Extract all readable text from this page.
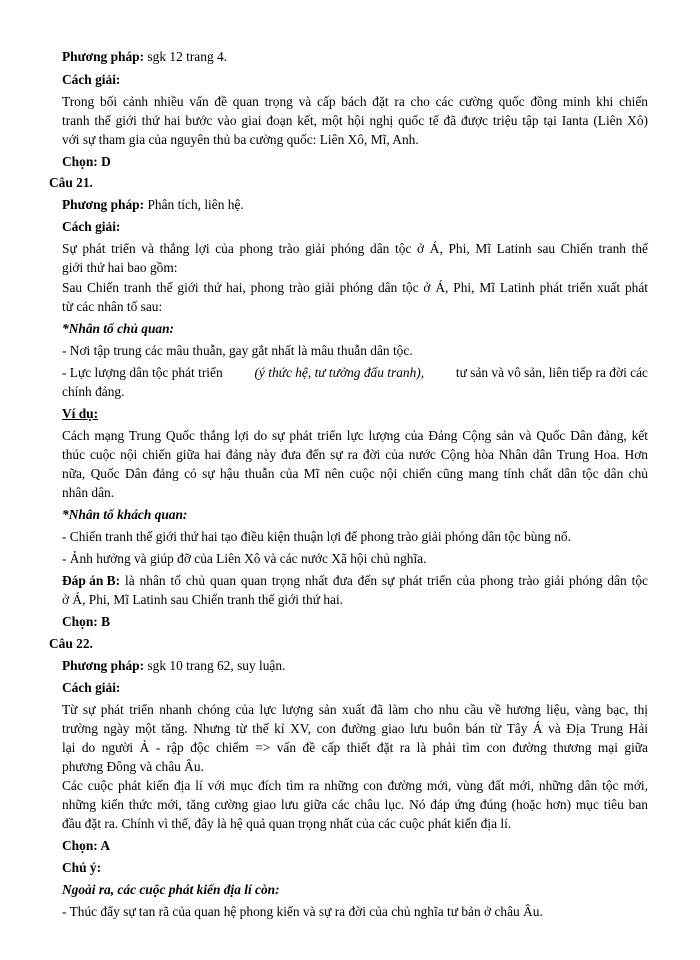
Phương pháp: sgk 12 trang 4.
Cách giải:
Trong bối cảnh nhiều vấn đề quan trọng và cấp bách đặt ra cho các cường quốc đồng minh khi chiến
tranh thế giới thứ hai bước vào giai đoạn kết, một hội nghị quốc tế đã được triệu tập tại Ianta (Liên Xô)
với sự tham gia của nguyên thủ ba cường quốc: Liên Xô, Mĩ, Anh.
Chọn: D
Câu 21.
Phương pháp: Phân tích, liên hệ.
Cách giải:
Sự phát triển và thắng lợi của phong trào giải phóng dân tộc ở Á, Phi, Mĩ Latinh sau Chiến tranh thế
giới thứ hai bao gồm:
Sau Chiến tranh thế giới thứ hai, phong trào giải phóng dân tộc ở Á, Phi, Mĩ Latinh phát triển xuất phát
từ các nhân tố sau:
*Nhân tố chủ quan:
- Nơi tập trung các mâu thuẫn, gay gắt nhất là mâu thuẫn dân tộc.
- Lực lượng dân tộc phát triển (ý thức hệ, tư tưởng đấu tranh), tư sản và vô sản, liên tiếp ra đời các
chính đảng.
Ví dụ:
Cách mạng Trung Quốc thắng lợi do sự phát triển lực lượng của Đảng Cộng sản và Quốc Dân đảng, kết
thúc cuộc nội chiến giữa hai đảng này đưa đến sự ra đời của nước Cộng hòa Nhân dân Trung Hoa. Hơn
nữa, Quốc Dân đảng có sự hậu thuẫn của Mĩ nên cuộc nội chiến cũng mang tính chất dân tộc dân chủ
nhân dân.
*Nhân tố khách quan:
- Chiến tranh thế giới thứ hai tạo điều kiện thuận lợi để phong trào giải phóng dân tộc bùng nổ.
- Ảnh hưởng và giúp đỡ của Liên Xô và các nước Xã hội chủ nghĩa.
Đáp án B: là nhân tố chủ quan quan trọng nhất đưa đến sự phát triển của phong trào giải phóng dân tộc
ở Á, Phi, Mĩ Latinh sau Chiến tranh thế giới thứ hai.
Chọn: B
Câu 22.
Phương pháp: sgk 10 trang 62, suy luận.
Cách giải:
Từ sự phát triển nhanh chóng của lực lượng sản xuất đã làm cho nhu cầu về hương liệu, vàng bạc, thị
trường ngày một tăng. Nhưng từ thế kỉ XV, con đường giao lưu buôn bán từ Tây Á và Địa Trung Hải
lại do người Ả - rập độc chiếm => vấn đề cấp thiết đặt ra là phải tìm con đường thương mại giữa
phương Đông và châu Âu.
Các cuộc phát kiến địa lí với mục đích tìm ra những con đường mới, vùng đất mới, những dân tộc mới,
những kiến thức mới, tăng cường giao lưu giữa các châu lục. Nó đáp ứng đúng (hoặc hơn) mục tiêu ban
đầu đặt ra. Chính vì thế, đây là hệ quả quan trọng nhất của các cuộc phát kiến địa lí.
Chọn: A
Chú ý:
Ngoài ra, các cuộc phát kiến địa lí còn:
- Thúc đẩy sự tan rã của quan hệ phong kiến và sự ra đời của chủ nghĩa tư bản ở châu Âu.
